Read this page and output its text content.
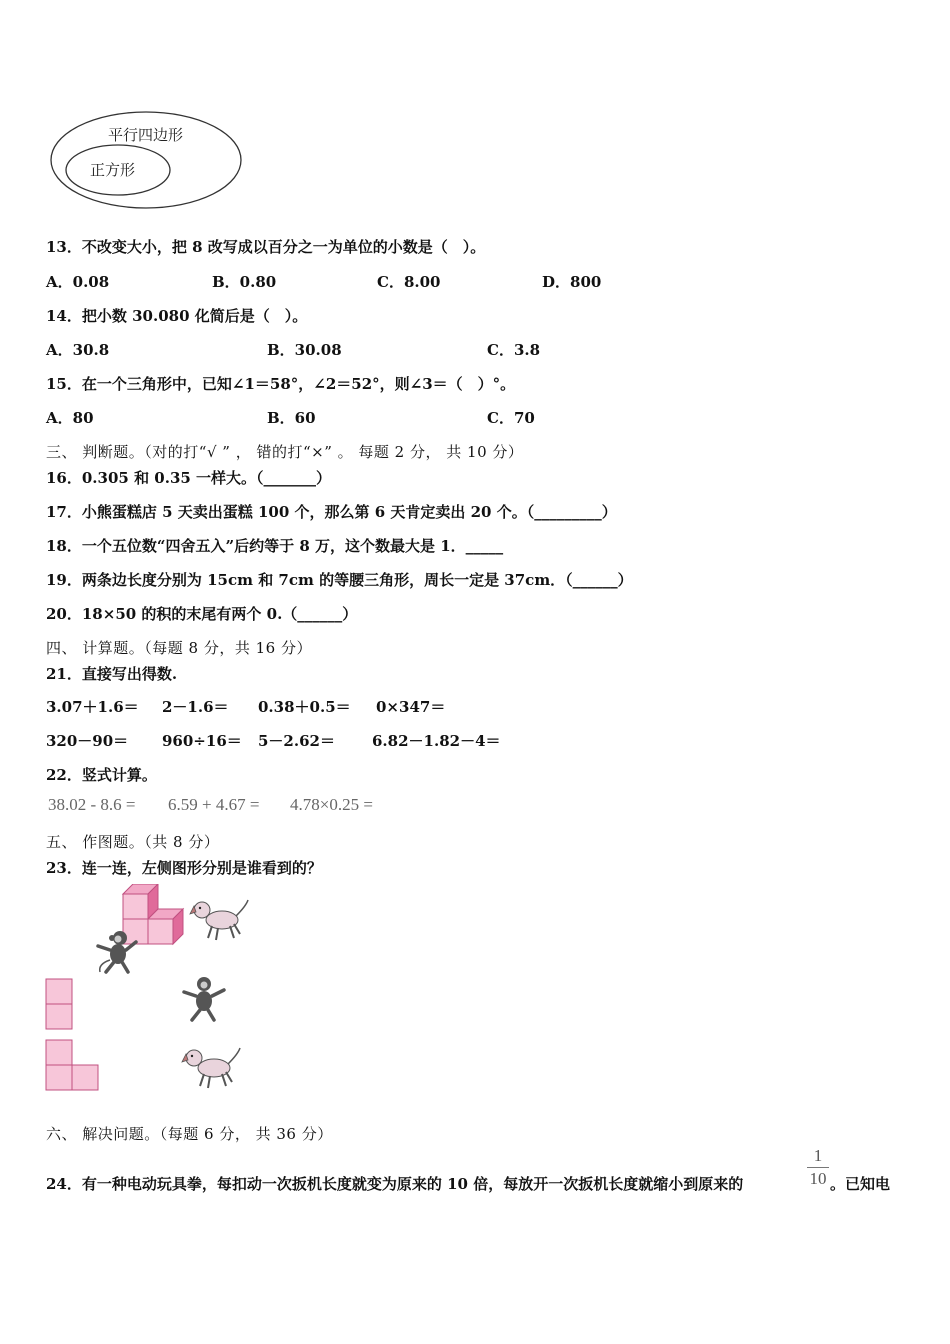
平行四边形
正方形
13．不改变大小，把 8 改写成以百分之一为单位的小数是（　）。
A．0.08	B．0.80	C．8.00	D．800
14．把小数 30.080 化简后是（　）。
A．30.8	B．30.08	C．3.8
15．在一个三角形中，已知∠1＝58°，∠2＝52°，则∠3＝（　）°。
A．80	B．60	C．70
三、 判断题。（对的打“√ ” ， 错的打“×” 。 每题 2 分， 共 10 分）
16．0.305 和 0.35 一样大。（_______）
17．小熊蛋糕店 5 天卖出蛋糕 100 个，那么第 6 天肯定卖出 20 个。（_________）
18．一个五位数“四舍五入”后约等于 8 万，这个数最大是 1．_____
19．两条边长度分别为 15cm 和 7cm 的等腰三角形，周长一定是 37cm．（______）
20．18×50 的积的末尾有两个 0.（______）
四、 计算题。（每题 8 分，共 16 分）
21．直接写出得数.
3.07＋1.6＝ 2－1.6＝ 0.38＋0.5＝ 0×347＝
320－90＝ 960÷16＝ 5－2.62＝ 6.82－1.82－4＝
22．竖式计算。
38.02 - 8.6 = 6.59 + 4.67 = 4.78×0.25 =
五、 作图题。（共 8 分）
23．连一连，左侧图形分别是谁看到的？
六、 解决问题。（每题 6 分， 共 36 分）
24．有一种电动玩具拳，每扣动一次扳机长度就变为原来的 10 倍，每放开一次扳机长度就缩小到原来的
1
10 。已知电
